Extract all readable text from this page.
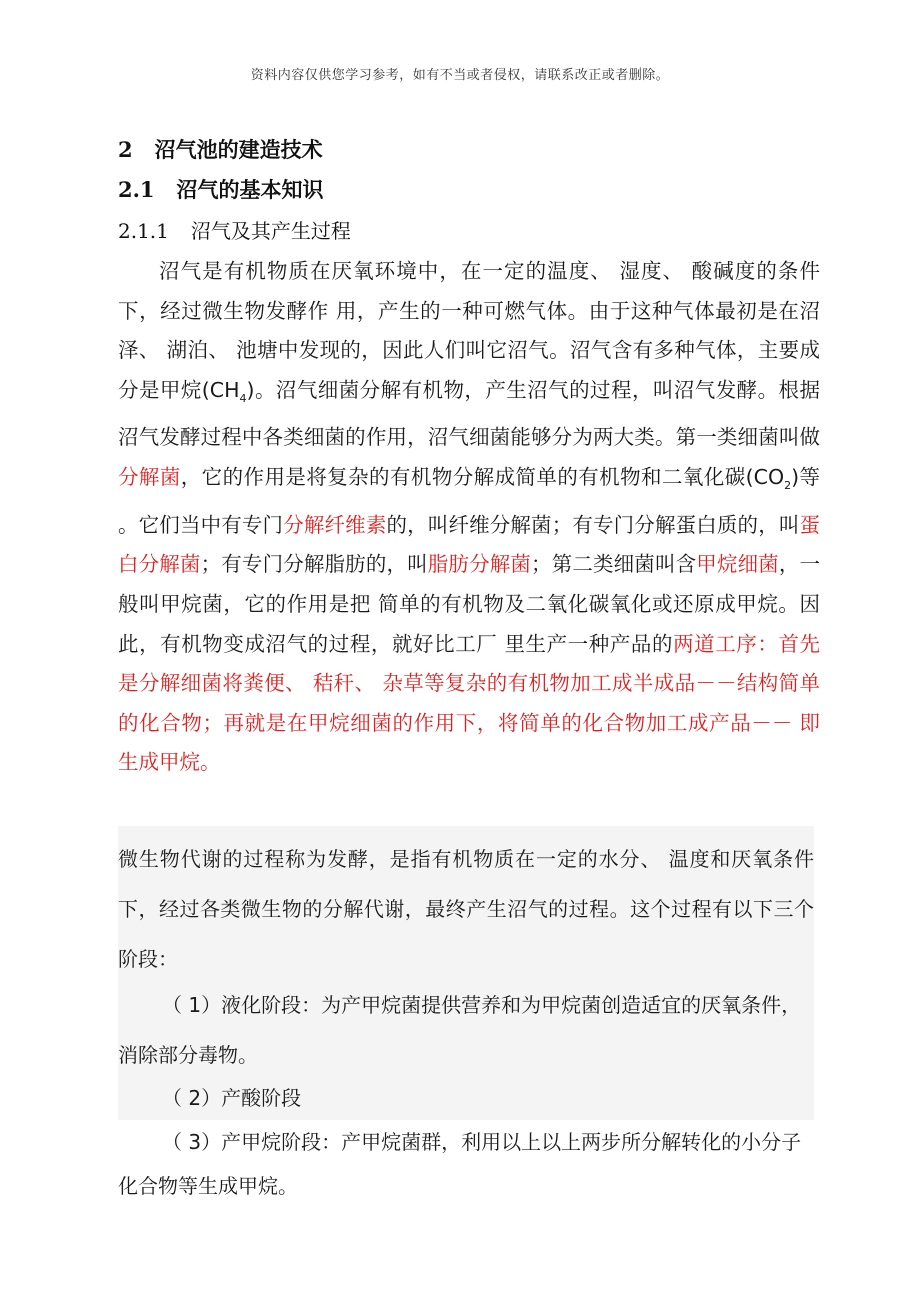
资料内容仅供您学习参考，如有不当或者侵权，请联系改正或者删除。
2 沼气池的建造技术
2.1 沼气的基本知识
2.1.1 沼气及其产生过程

沼气是有机物质在厌氧环境中，在一定的温度、 湿度、 酸碱度的条件下，经过微生物发酵作 用，产生的一种可燃气体。由于这种气体最初是在沼泽、 湖泊、 池塘中发现的，因此人们叫它沼气。沼气含有多种气体，主要成分是甲烷$(CH_4)$。沼气细菌分解有机物，产生沼气的过程，叫沼气发酵。根据沼气发酵过程中各类细菌的作用，沼气细菌能够分为两大类。第一类细菌叫做分解菌，它的作用是将复杂的有机物分解成简单的有机物和二氧化碳$(CO_2)$等 。它们当中有专门分解纤维素的，叫纤维分解菌；有专门分解蛋白质的，叫蛋白分解菌；有专门分解脂肪的，叫脂肪分解菌；第二类细菌叫含甲烷细菌，一般叫甲烷菌，它的作用是把 简单的有机物及二氧化碳氧化或还原成甲烷。因此，有机物变成沼气的过程，就好比工厂 里生产一种产品的两道工序：首先是分解细菌将粪便、 秸秆、 杂草等复杂的有机物加工成半成品－－结构简单的化合物；再就是在甲烷细菌的作用下，将简单的化合物加工成产品－－ 即生成甲烷。

微生物代谢的过程称为发酵，是指有机物质在一定的水分、 温度和厌氧条件下，经过各类微生物的分解代谢，最终产生沼气的过程。这个过程有以下三个阶段：

（ 1）液化阶段：为产甲烷菌提供营养和为甲烷菌创造适宜的厌氧条件，消除部分毒物。

（ 2）产酸阶段

（ 3）产甲烷阶段：产甲烷菌群，利用以上以上两步所分解转化的小分子化合物等生成甲烷。
